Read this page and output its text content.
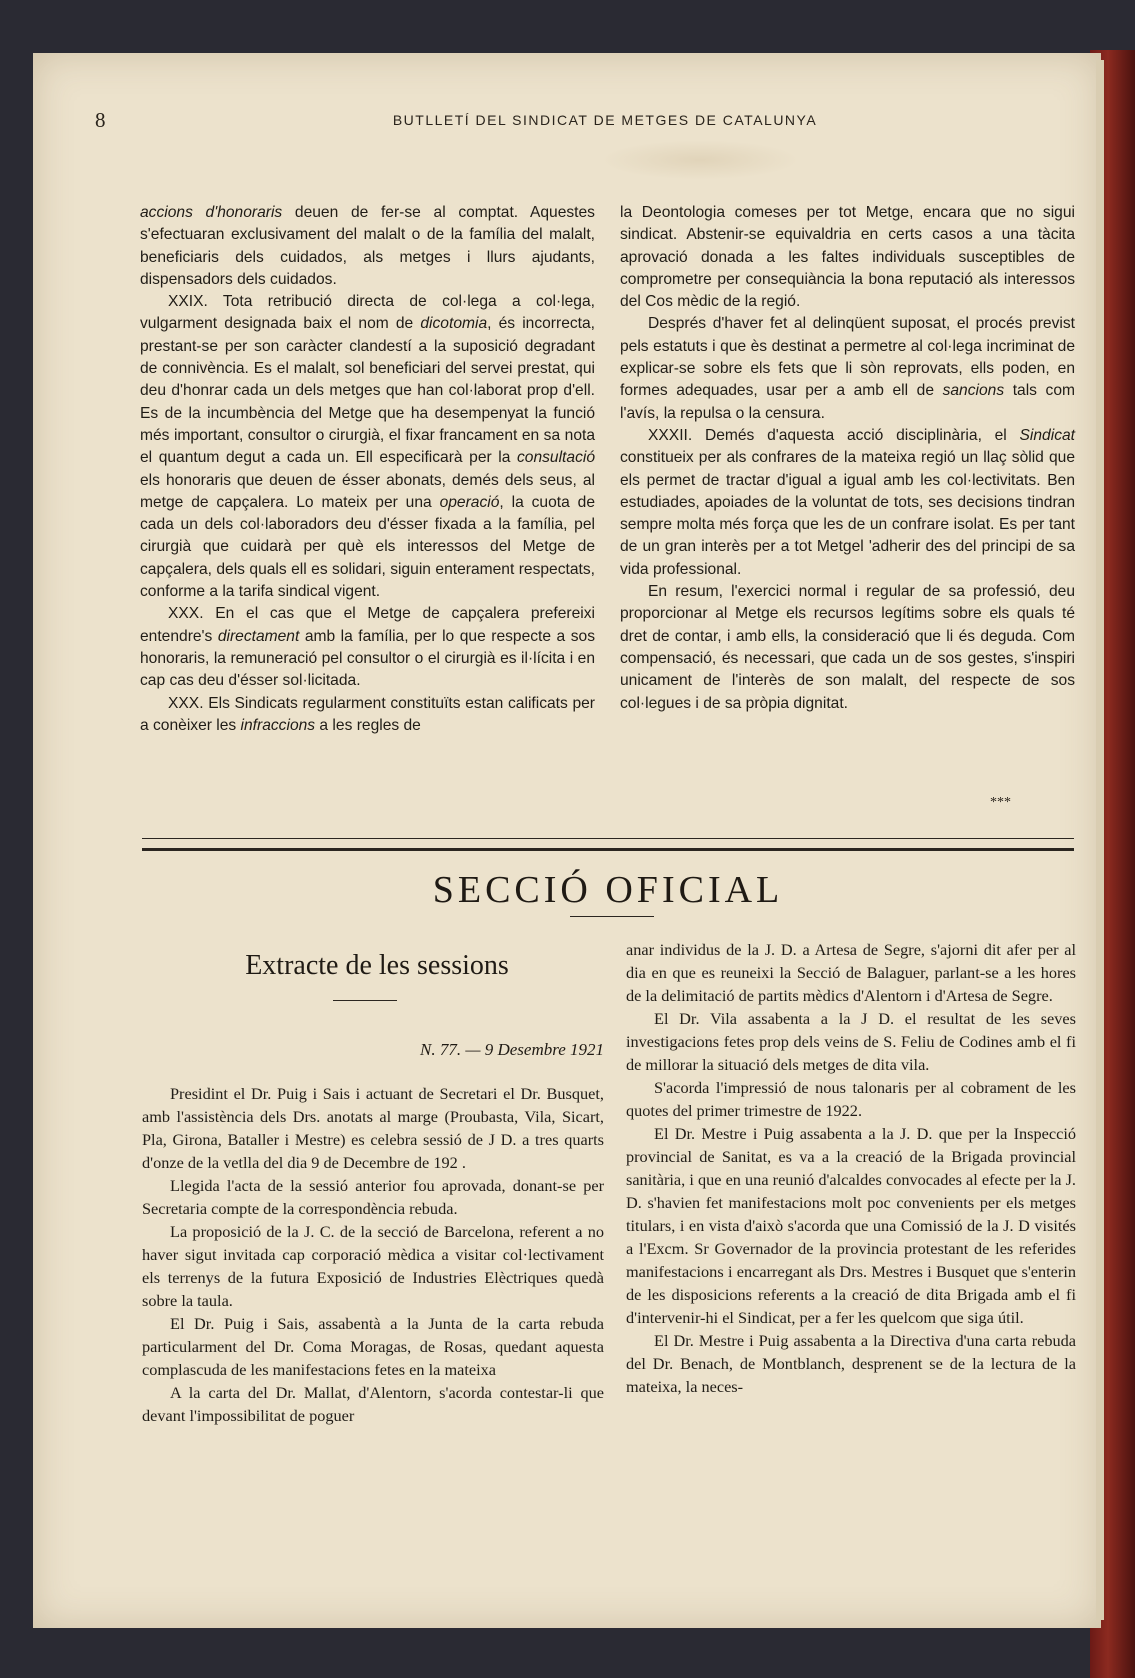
8	BUTLLETÍ DEL SINDICAT DE METGES DE CATALUNYA

accions d'honoraris deuen de fer-se al comptat. Aquestes s'efectuaran exclusivament del malalt o de la família del malalt, beneficiaris dels cuidados, als metges i llurs ajudants, dispensadors dels cuidados.

XXIX. Tota retribució directa de col·lega a col·lega, vulgarment designada baix el nom de dicotomia, és incorrecta, prestant-se per son caràcter clandestí a la suposició degradant de connivència. Es el malalt, sol beneficiari del servei prestat, qui deu d'honrar cada un dels metges que han col·laborat prop d'ell. Es de la incumbència del Metge que ha desempenyat la funció més important, consultor o cirurgià, el fixar francament en sa nota el quantum degut a cada un. Ell especificarà per la consultació els honoraris que deuen de ésser abonats, demés dels seus, al metge de capçalera. Lo mateix per una operació, la cuota de cada un dels col·laboradors deu d'ésser fixada a la família, pel cirurgià que cuidarà per què els interessos del Metge de capçalera, dels quals ell es solidari, siguin enterament respectats, conforme a la tarifa sindical vigent.

XXX. En el cas que el Metge de capçalera prefereixi entendre's directament amb la família, per lo que respecte a sos honoraris, la remuneració pel consultor o el cirurgià es il·lícita i en cap cas deu d'ésser sol·licitada.

XXX. Els Sindicats regularment constituïts estan calificats per a conèixer les infraccions a les regles de

la Deontologia comeses per tot Metge, encara que no sigui sindicat. Abstenir-se equivaldria en certs casos a una tàcita aprovació donada a les faltes individuals susceptibles de comprometre per consequiància la bona reputació als interessos del Cos mèdic de la regió.

Després d'haver fet al delinqüent suposat, el procés previst pels estatuts i que ès destinat a permetre al col·lega incriminat de explicar-se sobre els fets que li sòn reprovats, ells poden, en formes adequades, usar per a amb ell de sancions tals com l'avís, la repulsa o la censura.

XXXII. Demés d'aquesta acció disciplinària, el Sindicat constitueix per als confrares de la mateixa regió un llaç sòlid que els permet de tractar d'igual a igual amb les col·lectivitats. Ben estudiades, apoiades de la voluntat de tots, ses decisions tindran sempre molta més força que les de un confrare isolat. Es per tant de un gran interès per a tot Metgel 'adherir des del principi de sa vida professional.

En resum, l'exercici normal i regular de sa professió, deu proporcionar al Metge els recursos legítims sobre els quals té dret de contar, i amb ells, la consideració que li és deguda. Com compensació, és necessari, que cada un de sos gestes, s'inspiri unicament de l'interès de son malalt, del respecte de sos col·legues i de sa pròpia dignitat.

***
SECCIÓ OFICIAL
Extracte de les sessions
N. 77. — 9 Desembre 1921

Presidint el Dr. Puig i Sais i actuant de Secretari el Dr. Busquet, amb l'assistència dels Drs. anotats al marge (Proubasta, Vila, Sicart, Pla, Girona, Bataller i Mestre) es celebra sessió de J D. a tres quarts d'onze de la vetlla del dia 9 de Decembre de 192 .

Llegida l'acta de la sessió anterior fou aprovada, donant-se per Secretaria compte de la correspondència rebuda.

La proposició de la J. C. de la secció de Barcelona, referent a no haver sigut invitada cap corporació mèdica a visitar col·lectivament els terrenys de la futura Exposició de Industries Elèctriques quedà sobre la taula.

El Dr. Puig i Sais, assabentà a la Junta de la carta rebuda particularment del Dr. Coma Moragas, de Rosas, quedant aquesta complascuda de les manifestacions fetes en la mateixa

A la carta del Dr. Mallat, d'Alentorn, s'acorda contestar-li que devant l'impossibilitat de poguer

anar individus de la J. D. a Artesa de Segre, s'ajorni dit afer per al dia en que es reuneixi la Secció de Balaguer, parlant-se a les hores de la delimitació de partits mèdics d'Alentorn i d'Artesa de Segre.

El Dr. Vila assabenta a la J D. el resultat de les seves investigacions fetes prop dels veins de S. Feliu de Codines amb el fi de millorar la situació dels metges de dita vila.

S'acorda l'impressió de nous talonaris per al cobrament de les quotes del primer trimestre de 1922.

El Dr. Mestre i Puig assabenta a la J. D. que per la Inspecció provincial de Sanitat, es va a la creació de la Brigada provincial sanitària, i que en una reunió d'alcaldes convocades al efecte per la J. D. s'havien fet manifestacions molt poc convenients per els metges titulars, i en vista d'això s'acorda que una Comissió de la J. D visités a l'Excm. Sr Governador de la provincia protestant de les referides manifestacions i encarregant als Drs. Mestres i Busquet que s'enterin de les disposicions referents a la creació de dita Brigada amb el fi d'intervenir-hi el Sindicat, per a fer les quelcom que siga útil.

El Dr. Mestre i Puig assabenta a la Directiva d'una carta rebuda del Dr. Benach, de Montblanch, desprenent se de la lectura de la mateixa, la neces-
